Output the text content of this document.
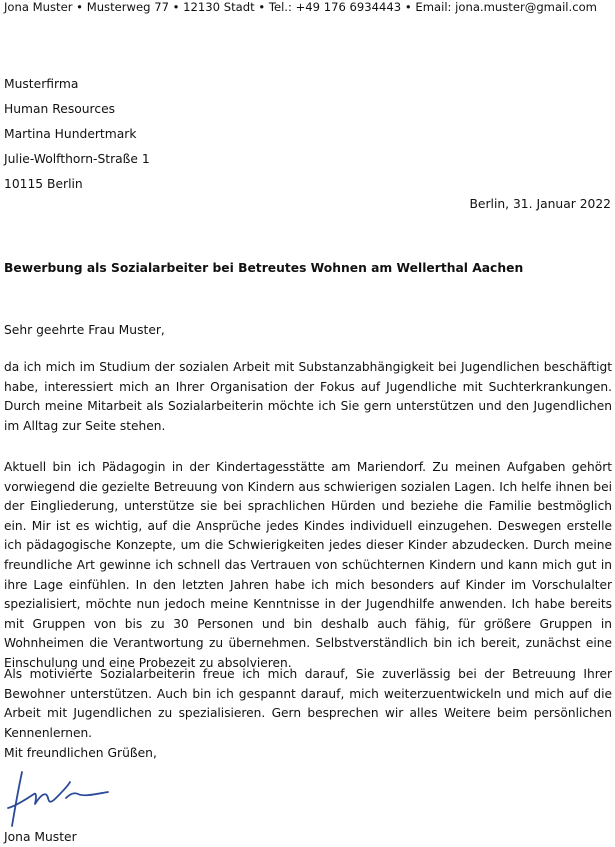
Jona Muster • Musterweg 77 • 12130 Stadt • Tel.: +49 176 6934443 • Email: jona.muster@gmail.com
Musterfirma
Human Resources
Martina Hundertmark
Julie-Wolfthorn-Straße 1
10115 Berlin
Berlin, 31. Januar 2022
Bewerbung als Sozialarbeiter bei Betreutes Wohnen am Wellerthal Aachen
Sehr geehrte Frau Muster,
da ich mich im Studium der sozialen Arbeit mit Substanzabhängigkeit bei Jugendlichen beschäftigt habe, interessiert mich an Ihrer Organisation der Fokus auf Jugendliche mit Suchterkrankungen. Durch meine Mitarbeit als Sozialarbeiterin möchte ich Sie gern unterstützen und den Jugendlichen im Alltag zur Seite stehen.
Aktuell bin ich Pädagogin in der Kindertagesstätte am Mariendorf. Zu meinen Aufgaben gehört vorwiegend die gezielte Betreuung von Kindern aus schwierigen sozialen Lagen. Ich helfe ihnen bei der Eingliederung, unterstütze sie bei sprachlichen Hürden und beziehe die Familie bestmöglich ein. Mir ist es wichtig, auf die Ansprüche jedes Kindes individuell einzugehen. Deswegen erstelle ich pädagogische Konzepte, um die Schwierigkeiten jedes dieser Kinder abzudecken. Durch meine freundliche Art gewinne ich schnell das Vertrauen von schüchternen Kindern und kann mich gut in ihre Lage einfühlen. In den letzten Jahren habe ich mich besonders auf Kinder im Vorschulalter spezialisiert, möchte nun jedoch meine Kenntnisse in der Jugendhilfe anwenden. Ich habe bereits mit Gruppen von bis zu 30 Personen und bin deshalb auch fähig, für größere Gruppen in Wohnheimen die Verantwortung zu übernehmen. Selbstverständlich bin ich bereit, zunächst eine Einschulung und eine Probezeit zu absolvieren.
Als motivierte Sozialarbeiterin freue ich mich darauf, Sie zuverlässig bei der Betreuung Ihrer Bewohner unterstützen. Auch bin ich gespannt darauf, mich weiterzuentwickeln und mich auf die Arbeit mit Jugendlichen zu spezialisieren. Gern besprechen wir alles Weitere beim persönlichen Kennenlernen.
Mit freundlichen Grüßen,
Jona Muster
